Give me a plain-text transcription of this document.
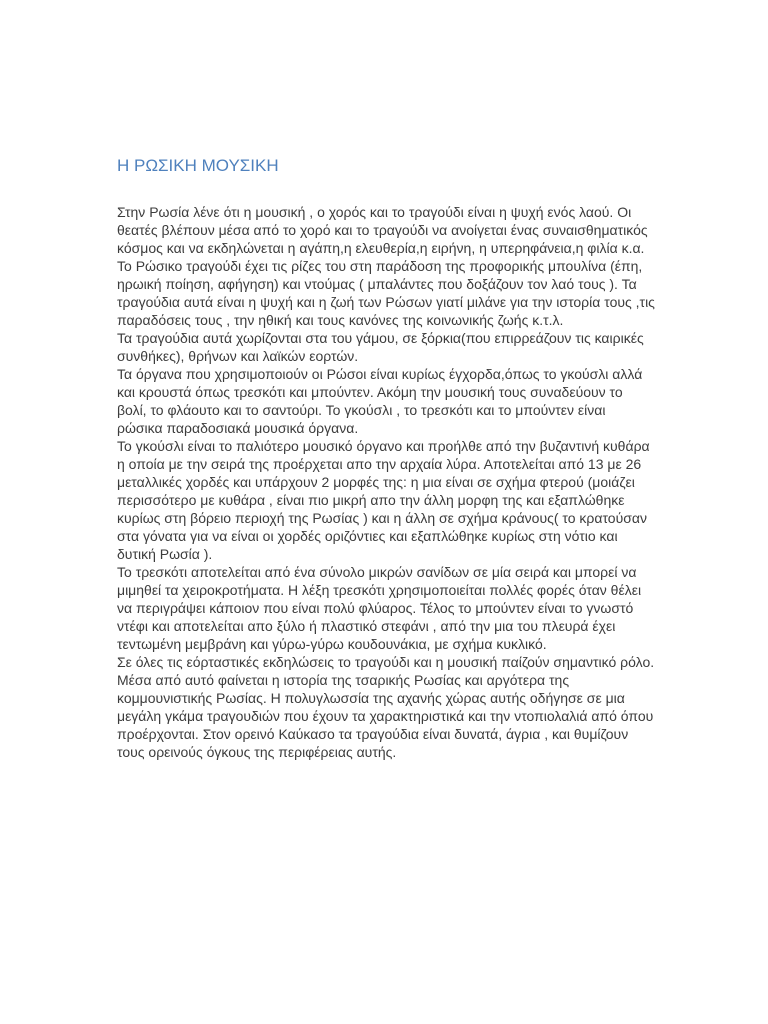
Η ΡΩΣΙΚΗ ΜΟΥΣΙΚΗ
Στην Ρωσία λένε ότι η μουσική , ο χορός και το τραγούδι είναι η ψυχή ενός λαού. Οι
θεατές βλέπουν μέσα από το χορό και το τραγούδι να ανοίγεται ένας συναισθηματικός
κόσμος και να εκδηλώνεται η αγάπη,η ελευθερία,η ειρήνη, η υπερηφάνεια,η φιλία κ.α.
Το Ρώσικο τραγούδι έχει τις ρίζες του στη παράδοση της προφορικής μπουλίνα (έπη,
ηρωική ποίηση, αφήγηση) και ντούμας ( μπαλάντες που δοξάζουν τον λαό τους ). Τα
τραγούδια αυτά είναι η ψυχή και η ζωή των Ρώσων γιατί μιλάνε για την ιστορία τους ,τις
παραδόσεις τους , την ηθική και τους κανόνες της κοινωνικής ζωής κ.τ.λ.
Τα τραγούδια αυτά χωρίζονται στα του γάμου, σε ξόρκια(που επιρρεάζουν τις καιρικές
συνθήκες), θρήνων και λαϊκών εορτών.
Τα όργανα που χρησιμοποιούν οι Ρώσοι είναι κυρίως έγχορδα,όπως το γκούσλι αλλά
και κρουστά όπως τρεσκότι και μπούντεν. Ακόμη την μουσική τους συναδεύουν το
βολί, το φλάουτο και το σαντούρι. Το γκούσλι , το τρεσκότι και το μπούντεν είναι
ρώσικα παραδοσιακά μουσικά όργανα.
Το γκούσλι είναι το παλιότερο μουσικό όργανο και προήλθε από την βυζαντινή κυθάρα
η οποία με την σειρά της προέρχεται απο την αρχαία λύρα. Αποτελείται από 13 με 26
μεταλλικές χορδές και υπάρχουν 2 μορφές της: η μια είναι σε σχήμα φτερού (μοιάζει
περισσότερο με κυθάρα , είναι πιο μικρή απο την άλλη μορφη της και εξαπλώθηκε
κυρίως στη βόρειο περιοχή της Ρωσίας ) και η άλλη σε σχήμα κράνους( το κρατούσαν
στα γόνατα για να είναι οι χορδές οριζόντιες και εξαπλώθηκε κυρίως στη νότιο και
δυτική Ρωσία ).
Το τρεσκότι αποτελείται από ένα σύνολο μικρών σανίδων σε μία σειρά και μπορεί να
μιμηθεί τα χειροκροτήματα. Η λέξη τρεσκότι χρησιμοποιείται πολλές φορές όταν θέλει
να περιγράψει κάποιον που είναι πολύ φλύαρος. Τέλος το μπούντεν είναι το γνωστό
ντέφι και αποτελείται απο ξύλο ή πλαστικό στεφάνι , από την μια του πλευρά έχει
τεντωμένη μεμβράνη και γύρω-γύρω κουδουνάκια, με σχήμα κυκλικό.
Σε όλες τις εόρταστικές εκδηλώσεις το τραγούδι και η μουσική παίζούν σημαντικό ρόλο.
Μέσα από αυτό φαίνεται η ιστορία της τσαρικής Ρωσίας και αργότερα της
κομμουνιστικής Ρωσίας. Η πολυγλωσσία της αχανής χώρας αυτής οδήγησε σε μια
μεγάλη γκάμα τραγουδιών που έχουν τα χαρακτηριστικά και την ντοπιολαλιά από όπου
προέρχονται. Στον ορεινό Καύκασο τα τραγούδια είναι δυνατά, άγρια , και θυμίζουν
τους ορεινούς όγκους της περιφέρειας αυτής.
